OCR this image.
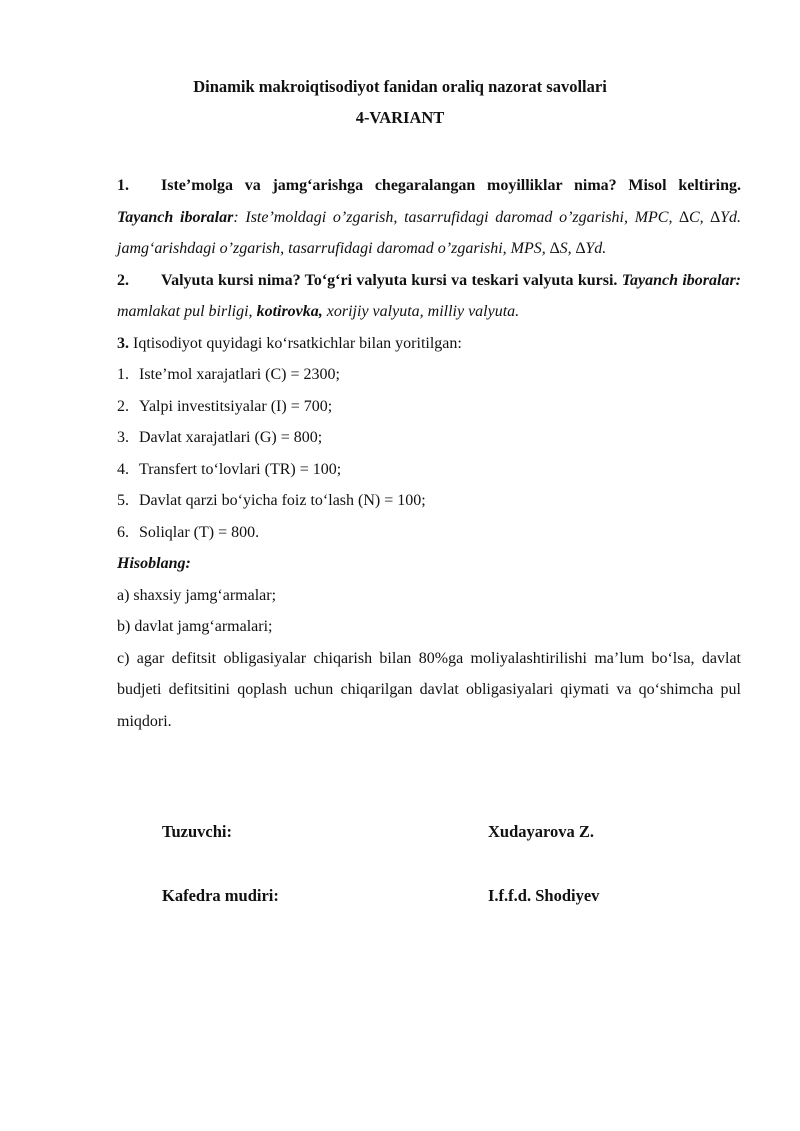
Dinamik makroiqtisodiyot fanidan oraliq nazorat savollari
4-VARIANT
1. Iste’molga va jamg‘arishga chegaralangan moyilliklar nima? Misol keltiring. Tayanch iboralar: Iste’moldagi o’zgarish, tasarrufidagi daromad o’zgarishi, MPC, ∆C, ∆Yd. jamg‘arishdagi o’zgarish, tasarrufidagi daromad o’zgarishi, MPS, ∆S, ∆Yd.
2. Valyuta kursi nima? To‘g‘ri valyuta kursi va teskari valyuta kursi. Tayanch iboralar: mamlakat pul birligi, kotirovka, xorijiy valyuta, milliy valyuta.
3. Iqtisodiyot quyidagi ko‘rsatkichlar bilan yoritilgan:
1. Iste’mol xarajatlari (C) = 2300;
2. Yalpi investitsiyalar (I) = 700;
3. Davlat xarajatlari (G) = 800;
4. Transfert to‘lovlari (TR) = 100;
5. Davlat qarzi bo‘yicha foiz to‘lash (N) = 100;
6. Soliqlar (T) = 800.
Hisoblang:
a) shaxsiy jamg‘armalar;
b) davlat jamg‘armalari;
c) agar defitsit obligasiyalar chiqarish bilan 80%ga moliyalashtirilishi ma’lum bo‘lsa, davlat budjeti defitsitini qoplash uchun chiqarilgan davlat obligasiyalari qiymati va qo‘shimcha pul miqdori.
Tuzuvchi:	Xudayarova Z.
Kafedra mudiri:	I.f.f.d. Shodiyev
